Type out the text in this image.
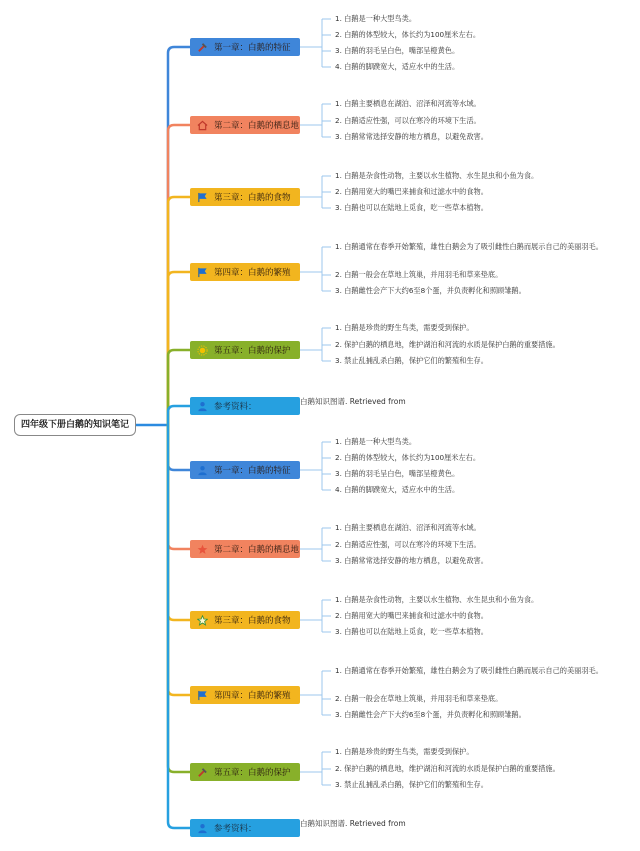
四年级下册白鹅的知识笔记
第一章：白鹅的特征
1. 白鹅是一种大型鸟类。
2. 白鹅的体型较大，体长约为100厘米左右。
3. 白鹅的羽毛呈白色，嘴部呈橙黄色。
4. 白鹅的脚蹼宽大，适应水中的生活。
第二章：白鹅的栖息地
1. 白鹅主要栖息在湖泊、沼泽和河流等水域。
2. 白鹅适应性强，可以在寒冷的环境下生活。
3. 白鹅常常选择安静的地方栖息，以避免敌害。
第三章：白鹅的食物
1. 白鹅是杂食性动物，主要以水生植物、水生昆虫和小鱼为食。
2. 白鹅用宽大的嘴巴来捕食和过滤水中的食物。
3. 白鹅也可以在陆地上觅食，吃一些草本植物。
第四章：白鹅的繁殖
1. 白鹅通常在春季开始繁殖，雄性白鹅会为了吸引雌性白鹅而展示自己的美丽羽毛。
2. 白鹅一般会在草地上筑巢，并用羽毛和草来垫底。
3. 白鹅雌性会产下大约6至8个蛋，并负责孵化和照顾雏鹅。
第五章：白鹅的保护
1. 白鹅是珍贵的野生鸟类，需要受到保护。
2. 保护白鹅的栖息地，维护湖泊和河流的水质是保护白鹅的重要措施。
3. 禁止乱捕乱杀白鹅，保护它们的繁殖和生存。
参考资料：
白鹅知识图谱. Retrieved from
第一章：白鹅的特征
1. 白鹅是一种大型鸟类。
2. 白鹅的体型较大，体长约为100厘米左右。
3. 白鹅的羽毛呈白色，嘴部呈橙黄色。
4. 白鹅的脚蹼宽大，适应水中的生活。
第二章：白鹅的栖息地
1. 白鹅主要栖息在湖泊、沼泽和河流等水域。
2. 白鹅适应性强，可以在寒冷的环境下生活。
3. 白鹅常常选择安静的地方栖息，以避免敌害。
第三章：白鹅的食物
1. 白鹅是杂食性动物，主要以水生植物、水生昆虫和小鱼为食。
2. 白鹅用宽大的嘴巴来捕食和过滤水中的食物。
3. 白鹅也可以在陆地上觅食，吃一些草本植物。
第四章：白鹅的繁殖
1. 白鹅通常在春季开始繁殖，雄性白鹅会为了吸引雌性白鹅而展示自己的美丽羽毛。
2. 白鹅一般会在草地上筑巢，并用羽毛和草来垫底。
3. 白鹅雌性会产下大约6至8个蛋，并负责孵化和照顾雏鹅。
第五章：白鹅的保护
1. 白鹅是珍贵的野生鸟类，需要受到保护。
2. 保护白鹅的栖息地，维护湖泊和河流的水质是保护白鹅的重要措施。
3. 禁止乱捕乱杀白鹅，保护它们的繁殖和生存。
参考资料：
白鹅知识图谱. Retrieved from
